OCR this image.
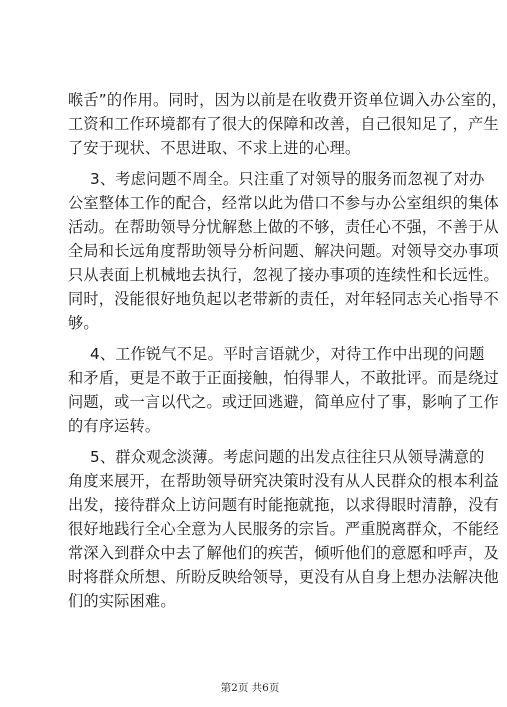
喉舌”的作用。同时，因为以前是在收费开资单位调入办公室的，
工资和工作环境都有了很大的保障和改善，自己很知足了，产生
了安于现状、不思进取、不求上进的心理。
3、考虑问题不周全。只注重了对领导的服务而忽视了对办
公室整体工作的配合，经常以此为借口不参与办公室组织的集体
活动。在帮助领导分忧解愁上做的不够，责任心不强，不善于从
全局和长远角度帮助领导分析问题、解决问题。对领导交办事项
只从表面上机械地去执行，忽视了接办事项的连续性和长远性。
同时，没能很好地负起以老带新的责任，对年轻同志关心指导不
够。
4、工作锐气不足。平时言语就少，对待工作中出现的问题
和矛盾，更是不敢于正面接触，怕得罪人，不敢批评。而是绕过
问题，或一言以代之。或迂回逃避，简单应付了事，影响了工作
的有序运转。
5、群众观念淡薄。考虑问题的出发点往往只从领导满意的
角度来展开，在帮助领导研究决策时没有从人民群众的根本利益
出发，接待群众上访问题有时能拖就拖，以求得眼时清静，没有
很好地践行全心全意为人民服务的宗旨。严重脱离群众，不能经
常深入到群众中去了解他们的疾苦，倾听他们的意愿和呼声，及
时将群众所想、所盼反映给领导，更没有从自身上想办法解决他
们的实际困难。
第2页 共6页
